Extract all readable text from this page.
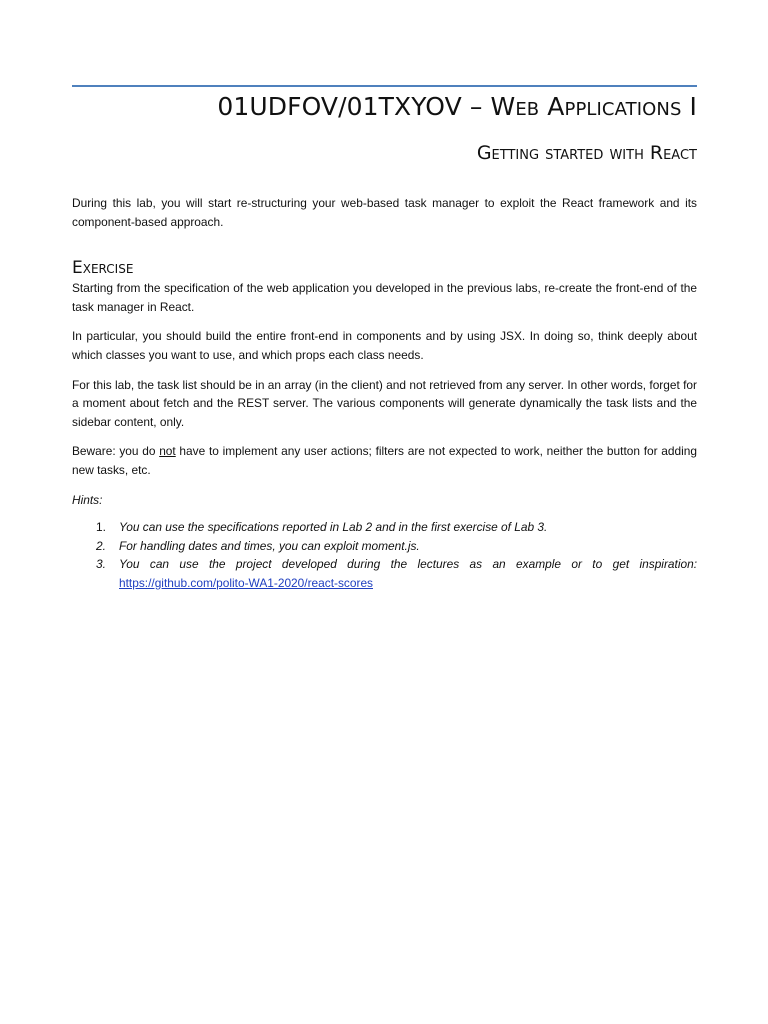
01UDFOV/01TXYOV – Web Applications I
Getting started with React

During this lab, you will start re-structuring your web-based task manager to exploit the React framework and its component-based approach.

Exercise

Starting from the specification of the web application you developed in the previous labs, re-create the front-end of the task manager in React.

In particular, you should build the entire front-end in components and by using JSX. In doing so, think deeply about which classes you want to use, and which props each class needs.

For this lab, the task list should be in an array (in the client) and not retrieved from any server. In other words, forget for a moment about fetch and the REST server. The various components will generate dynamically the task lists and the sidebar content, only.

Beware: you do not have to implement any user actions; filters are not expected to work, neither the button for adding new tasks, etc.

Hints:

1. You can use the specifications reported in Lab 2 and in the first exercise of Lab 3.
2. For handling dates and times, you can exploit moment.js.
3. You can use the project developed during the lectures as an example or to get inspiration: https://github.com/polito-WA1-2020/react-scores
